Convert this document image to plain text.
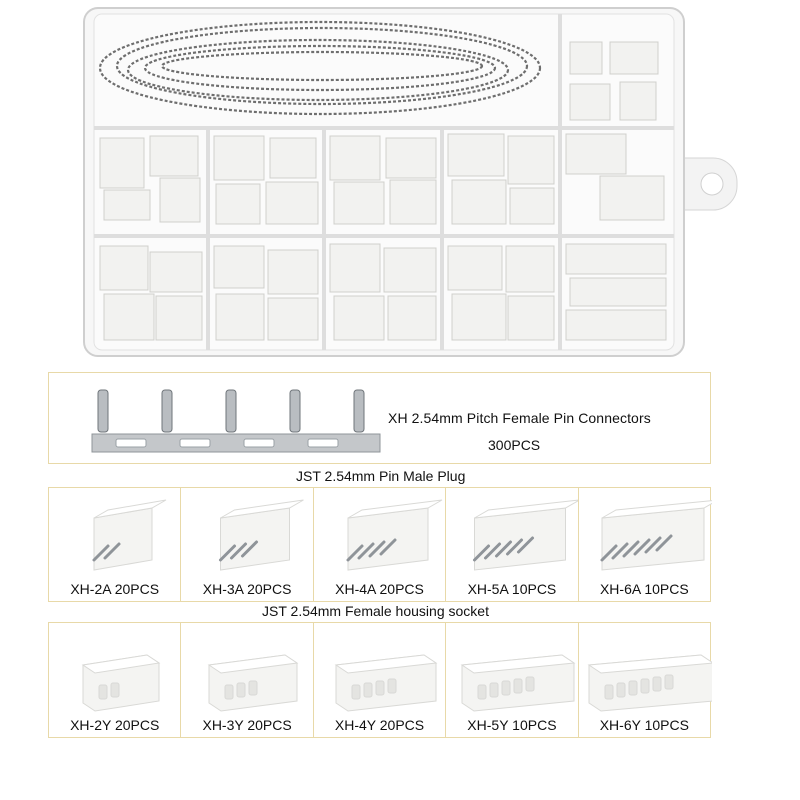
XH 2.54mm Pitch Female Pin Connectors
300PCS
JST 2.54mm Pin Male Plug
XH-2A 20PCS	XH-3A 20PCS	XH-4A 20PCS	XH-5A 10PCS	XH-6A 10PCS
JST 2.54mm Female housing socket
XH-2Y 20PCS	XH-3Y 20PCS	XH-4Y 20PCS	XH-5Y 10PCS	XH-6Y 10PCS
